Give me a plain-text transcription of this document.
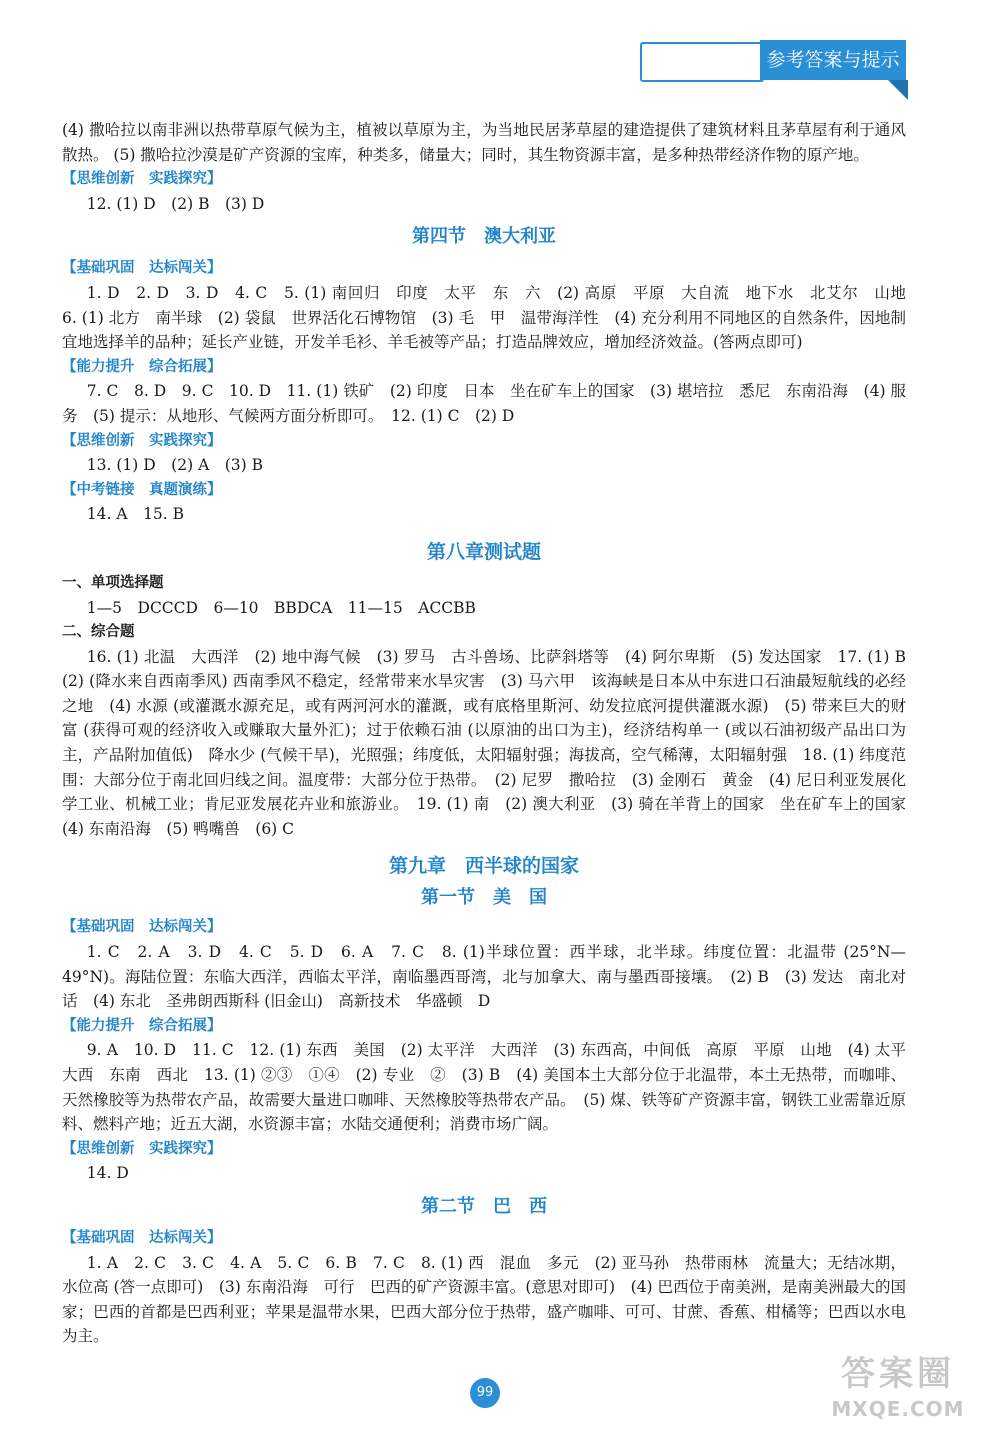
参考答案与提示

(4) 撒哈拉以南非洲以热带草原气候为主，植被以草原为主，为当地民居茅草屋的建造提供了建筑材料且茅草屋有利于通风散热。 (5) 撒哈拉沙漠是矿产资源的宝库，种类多，储量大；同时，其生物资源丰富，是多种热带经济作物的原产地。

【思维创新　实践探究】

12. (1) D　(2) B　(3) D

第四节　澳大利亚
【基础巩固　达标闯关】

1. D　2. D　3. D　4. C　5. (1) 南回归　印度　太平　东　六　(2) 高原　平原　大自流　地下水　北艾尔　山地　6. (1) 北方　南半球　(2) 袋鼠　世界活化石博物馆　(3) 毛　甲　温带海洋性　(4) 充分利用不同地区的自然条件，因地制宜地选择羊的品种；延长产业链，开发羊毛衫、羊毛被等产品；打造品牌效应，增加经济效益。(答两点即可)

【能力提升　综合拓展】

7. C　8. D　9. C　10. D　11. (1) 铁矿　(2) 印度　日本　坐在矿车上的国家　(3) 堪培拉　悉尼　东南沿海　(4) 服务　(5) 提示：从地形、气候两方面分析即可。　12. (1) C　(2) D

【思维创新　实践探究】

13. (1) D　(2) A　(3) B

【中考链接　真题演练】

14. A　15. B

第八章测试题
一、单项选择题

1—5　DCCCD　6—10　BBDCA　11—15　ACCBB

二、综合题

16. (1) 北温　大西洋　(2) 地中海气候　(3) 罗马　古斗兽场、比萨斜塔等　(4) 阿尔卑斯　(5) 发达国家　17. (1) B　(2) (降水来自西南季风) 西南季风不稳定，经常带来水旱灾害　(3) 马六甲　该海峡是日本从中东进口石油最短航线的必经之地　(4) 水源 (或灌溉水源充足，或有两河河水的灌溉，或有底格里斯河、幼发拉底河提供灌溉水源)　(5) 带来巨大的财富 (获得可观的经济收入或赚取大量外汇)；过于依赖石油 (以原油的出口为主)，经济结构单一 (或以石油初级产品出口为主，产品附加值低)　降水少 (气候干旱)，光照强；纬度低，太阳辐射强；海拔高，空气稀薄，太阳辐射强　18. (1) 纬度范围：大部分位于南北回归线之间。温度带：大部分位于热带。　(2) 尼罗　撒哈拉　(3) 金刚石　黄金　(4) 尼日利亚发展化学工业、机械工业；肯尼亚发展花卉业和旅游业。　19. (1) 南　(2) 澳大利亚　(3) 骑在羊背上的国家　坐在矿车上的国家　(4) 东南沿海　(5) 鸭嘴兽　(6) C

第九章　西半球的国家
第一节　美　国
【基础巩固　达标闯关】

1. C　2. A　3. D　4. C　5. D　6. A　7. C　8. (1)半球位置：西半球，北半球。纬度位置：北温带 (25°N—49°N)。海陆位置：东临大西洋，西临太平洋，南临墨西哥湾，北与加拿大、南与墨西哥接壤。　(2) B　(3) 发达　南北对话　(4) 东北　圣弗朗西斯科 (旧金山)　高新技术　华盛顿　D

【能力提升　综合拓展】

9. A　10. D　11. C　12. (1) 东西　美国　(2) 太平洋　大西洋　(3) 东西高，中间低　高原　平原　山地　(4) 太平　大西　东南　西北　13. (1) ②③　①④　(2) 专业　②　(3) B　(4) 美国本土大部分位于北温带，本土无热带，而咖啡、天然橡胶等为热带农产品，故需要大量进口咖啡、天然橡胶等热带农产品。　(5) 煤、铁等矿产资源丰富，钢铁工业需靠近原料、燃料产地；近五大湖，水资源丰富；水陆交通便利；消费市场广阔。

【思维创新　实践探究】

14. D

第二节　巴　西
【基础巩固　达标闯关】

1. A　2. C　3. C　4. A　5. C　6. B　7. C　8. (1) 西　混血　多元　(2) 亚马孙　热带雨林　流量大；无结冰期，水位高 (答一点即可)　(3) 东南沿海　可行　巴西的矿产资源丰富。(意思对即可)　(4) 巴西位于南美洲，是南美洲最大的国家；巴西的首都是巴西利亚；苹果是温带水果，巴西大部分位于热带，盛产咖啡、可可、甘蔗、香蕉、柑橘等；巴西以水电为主。

99	答案圈
MXQE.COM
